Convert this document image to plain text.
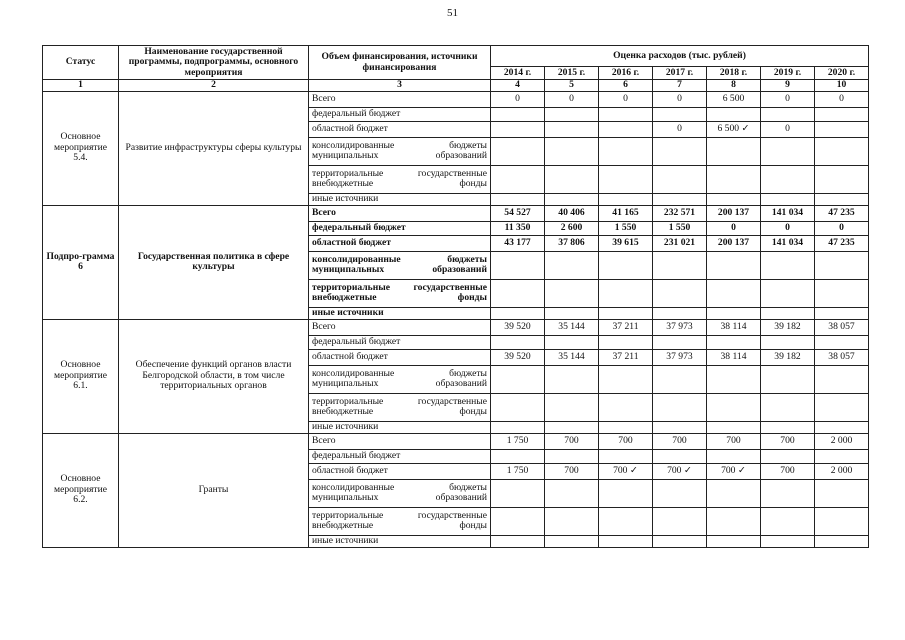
51
Статус	Наименование государственной программы, подпрограммы, основного мероприятия	Объем финансирования, источники финансирования	Оценка расходов (тыс. рублей)						
			2014 г.	2015 г.	2016 г.	2017 г.	2018 г.	2019 г.	2020 г.
1	2	3	4	5	6	7	8	9	10
Основное мероприятие 5.4.	Развитие инфраструктуры сферы культуры	Всего	0	0	0	0	6 500	0	0

		федеральный бюджет							

		областной бюджет				0	6 500 ✓	0	

		консолидированные бюджеты
муниципальных образований							

		территориальные государственные
внебюджетные фонды							

		иные источники							

Подпро-грамма 6	Государственная политика в сфере культуры	Всего	54 527	40 406	41 165	232 571	200 137	141 034	47 235

		федеральный бюджет	11 350	2 600	1 550	1 550	0	0	0

		областной бюджет	43 177	37 806	39 615	231 021	200 137	141 034	47 235

		консолидированные бюджеты
муниципальных образований							

		территориальные государственные
внебюджетные фонды							

		иные источники							

Основное мероприятие 6.1.	Обеспечение функций органов власти Белгородской области, в том числе территориальных органов	Всего	39 520	35 144	37 211	37 973	38 114	39 182	38 057

		федеральный бюджет							

		областной бюджет	39 520	35 144	37 211	37 973	38 114	39 182	38 057

		консолидированные бюджеты
муниципальных образований							

		территориальные государственные
внебюджетные фонды							

		иные источники							

Основное мероприятие 6.2.	Гранты	Всего	1 750	700	700	700	700	700	2 000

		федеральный бюджет							

		областной бюджет	1 750	700	700 ✓	700 ✓	700 ✓	700	2 000

		консолидированные бюджеты
муниципальных образований							

		территориальные государственные
внебюджетные фонды							

		иные источники							
